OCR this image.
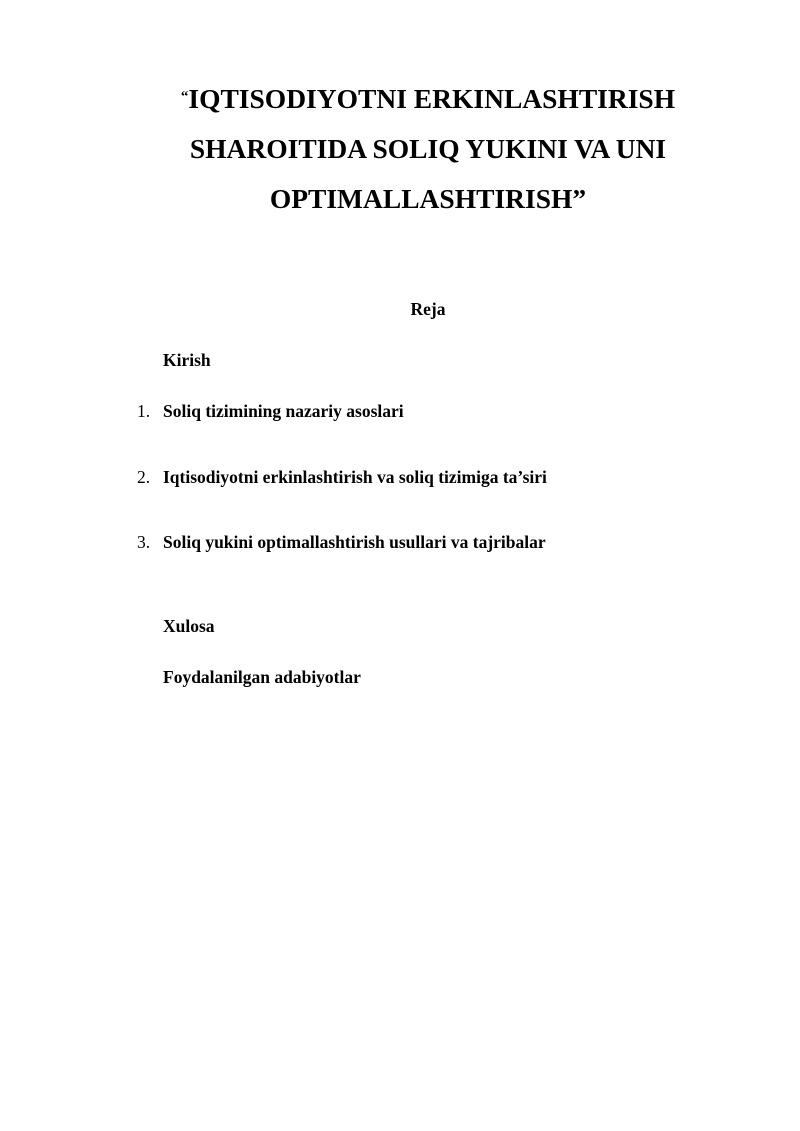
“IQTISODIYOTNI ERKINLASHTIRISH
SHAROITIDA SOLIQ YUKINI VA UNI
OPTIMALLASHTIRISH”
Reja
Kirish
1. Soliq tizimining nazariy asoslari
2. Iqtisodiyotni erkinlashtirish va soliq tizimiga ta’siri
3. Soliq yukini optimallashtirish usullari va tajribalar
Xulosa
Foydalanilgan adabiyotlar
